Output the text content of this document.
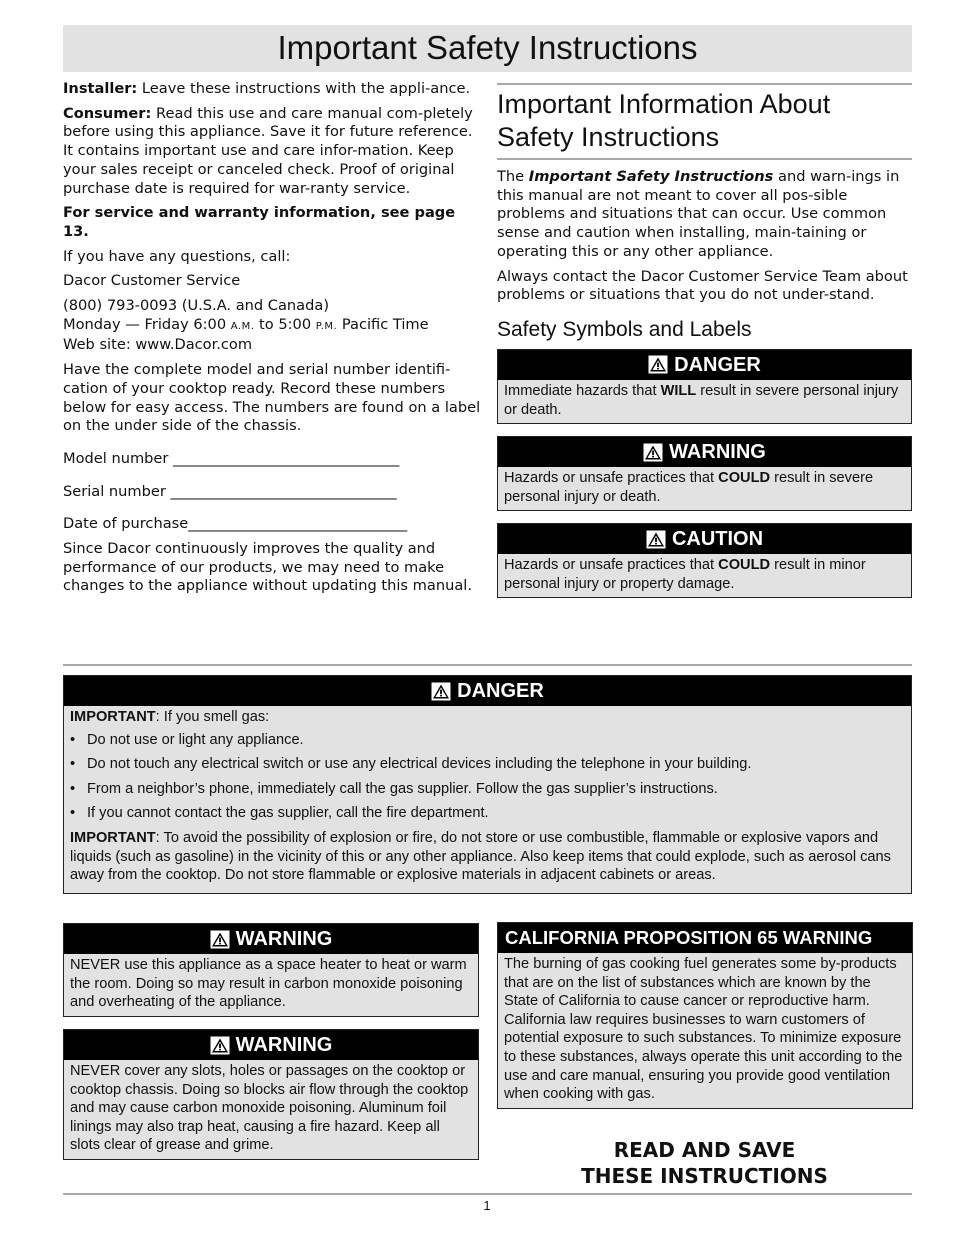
Important Safety Instructions

Installer: Leave these instructions with the appli-ance.

Consumer: Read this use and care manual com-pletely before using this appliance. Save it for future reference. It contains important use and care infor-mation. Keep your sales receipt or canceled check. Proof of original purchase date is required for war-ranty service.

For service and warranty information, see page 13.

If you have any questions, call:

Dacor Customer Service

(800) 793-0093 (U.S.A. and Canada)

Monday — Friday 6:00 A.M. to 5:00 P.M. Pacific Time

Web site: www.Dacor.com

Have the complete model and serial number identifi-cation of your cooktop ready. Record these numbers below for easy access. The numbers are found on a label on the under side of the chassis.

Model number _______________________________

Serial number _______________________________

Date of purchase______________________________

Since Dacor continuously improves the quality and performance of our products, we may need to make changes to the appliance without updating this manual.

Important Information About Safety Instructions

The Important Safety Instructions and warn-ings in this manual are not meant to cover all pos-sible problems and situations that can occur. Use common sense and caution when installing, main-taining or operating this or any other appliance.

Always contact the Dacor Customer Service Team about problems or situations that you do not under-stand.

Safety Symbols and Labels
DANGER
Immediate hazards that WILL result in severe personal injury or death.
WARNING
Hazards or unsafe practices that COULD result in severe personal injury or death.
CAUTION
Hazards or unsafe practices that COULD result in minor personal injury or property damage.
DANGER

IMPORTANT: If you smell gas:

• Do not use or light any appliance.
• Do not touch any electrical switch or use any electrical devices including the telephone in your building.
• From a neighbor’s phone, immediately call the gas supplier. Follow the gas supplier’s instructions.
• If you cannot contact the gas supplier, call the fire department.

IMPORTANT: To avoid the possibility of explosion or fire, do not store or use combustible, flammable or explosive vapors and liquids (such as gasoline) in the vicinity of this or any other appliance. Also keep items that could explode, such as aerosol cans away from the cooktop. Do not store flammable or explosive materials in adjacent cabinets or areas.

WARNING
NEVER use this appliance as a space heater to heat or warm the room. Doing so may result in carbon monoxide poisoning and overheating of the appliance.
WARNING
NEVER cover any slots, holes or passages on the cooktop or cooktop chassis. Doing so blocks air flow through the cooktop and may cause carbon monoxide poisoning. Aluminum foil linings may also trap heat, causing a fire hazard. Keep all slots clear of grease and grime.
CALIFORNIA PROPOSITION 65 WARNING
The burning of gas cooking fuel generates some by-products that are on the list of substances which are known by the State of California to cause cancer or reproductive harm. California law requires businesses to warn customers of potential exposure to such substances. To minimize exposure to these substances, always operate this unit according to the use and care manual, ensuring you provide good ventilation when cooking with gas.
READ AND SAVE
THESE INSTRUCTIONS
1
